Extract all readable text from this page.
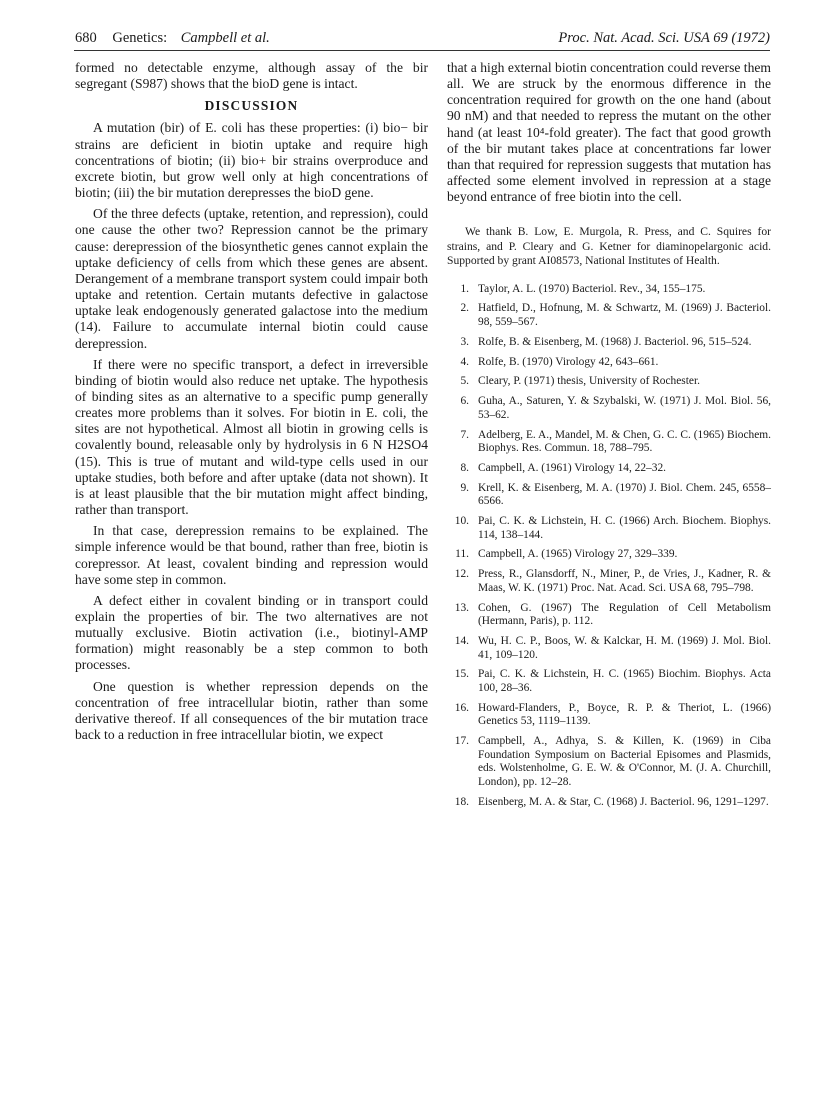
680 Genetics: Campbell et al.	Proc. Nat. Acad. Sci. USA 69 (1972)

formed no detectable enzyme, although assay of the bir segregant (S987) shows that the bioD gene is intact.

DISCUSSION

A mutation (bir) of E. coli has these properties: (i) bio− bir strains are deficient in biotin uptake and require high concentrations of biotin; (ii) bio+ bir strains overproduce and excrete biotin, but grow well only at high concentrations of biotin; (iii) the bir mutation derepresses the bioD gene.

Of the three defects (uptake, retention, and repression), could one cause the other two? Repression cannot be the primary cause: derepression of the biosynthetic genes cannot explain the uptake deficiency of cells from which these genes are absent. Derangement of a membrane transport system could impair both uptake and retention. Certain mutants defective in galactose uptake leak endogenously generated galactose into the medium (14). Failure to accumulate internal biotin could cause derepression.

If there were no specific transport, a defect in irreversible binding of biotin would also reduce net uptake. The hypothesis of binding sites as an alternative to a specific pump generally creates more problems than it solves. For biotin in E. coli, the sites are not hypothetical. Almost all biotin in growing cells is covalently bound, releasable only by hydrolysis in 6 N H2SO4 (15). This is true of mutant and wild-type cells used in our uptake studies, both before and after uptake (data not shown). It is at least plausible that the bir mutation might affect binding, rather than transport.

In that case, derepression remains to be explained. The simple inference would be that bound, rather than free, biotin is corepressor. At least, covalent binding and repression would have some step in common.

A defect either in covalent binding or in transport could explain the properties of bir. The two alternatives are not mutually exclusive. Biotin activation (i.e., biotinyl-AMP formation) might reasonably be a step common to both processes.

One question is whether repression depends on the concentration of free intracellular biotin, rather than some derivative thereof. If all consequences of the bir mutation trace back to a reduction in free intracellular biotin, we expect

that a high external biotin concentration could reverse them all. We are struck by the enormous difference in the concentration required for growth on the one hand (about 90 nM) and that needed to repress the mutant on the other hand (at least 10⁴-fold greater). The fact that good growth of the bir mutant takes place at concentrations far lower than that required for repression suggests that mutation has affected some element involved in repression at a stage beyond entrance of free biotin into the cell.

We thank B. Low, E. Murgola, R. Press, and C. Squires for strains, and P. Cleary and G. Ketner for diaminopelargonic acid. Supported by grant AI08573, National Institutes of Health.

1. Taylor, A. L. (1970) Bacteriol. Rev., 34, 155–175.
2. Hatfield, D., Hofnung, M. & Schwartz, M. (1969) J. Bacteriol. 98, 559–567.
3. Rolfe, B. & Eisenberg, M. (1968) J. Bacteriol. 96, 515–524.
4. Rolfe, B. (1970) Virology 42, 643–661.
5. Cleary, P. (1971) thesis, University of Rochester.
6. Guha, A., Saturen, Y. & Szybalski, W. (1971) J. Mol. Biol. 56, 53–62.
7. Adelberg, E. A., Mandel, M. & Chen, G. C. C. (1965) Biochem. Biophys. Res. Commun. 18, 788–795.
8. Campbell, A. (1961) Virology 14, 22–32.
9. Krell, K. & Eisenberg, M. A. (1970) J. Biol. Chem. 245, 6558–6566.
10. Pai, C. K. & Lichstein, H. C. (1966) Arch. Biochem. Biophys. 114, 138–144.
11. Campbell, A. (1965) Virology 27, 329–339.
12. Press, R., Glansdorff, N., Miner, P., de Vries, J., Kadner, R. & Maas, W. K. (1971) Proc. Nat. Acad. Sci. USA 68, 795–798.
13. Cohen, G. (1967) The Regulation of Cell Metabolism (Hermann, Paris), p. 112.
14. Wu, H. C. P., Boos, W. & Kalckar, H. M. (1969) J. Mol. Biol. 41, 109–120.
15. Pai, C. K. & Lichstein, H. C. (1965) Biochim. Biophys. Acta 100, 28–36.
16. Howard-Flanders, P., Boyce, R. P. & Theriot, L. (1966) Genetics 53, 1119–1139.
17. Campbell, A., Adhya, S. & Killen, K. (1969) in Ciba Foundation Symposium on Bacterial Episomes and Plasmids, eds. Wolstenholme, G. E. W. & O'Connor, M. (J. A. Churchill, London), pp. 12–28.
18. Eisenberg, M. A. & Star, C. (1968) J. Bacteriol. 96, 1291–1297.
